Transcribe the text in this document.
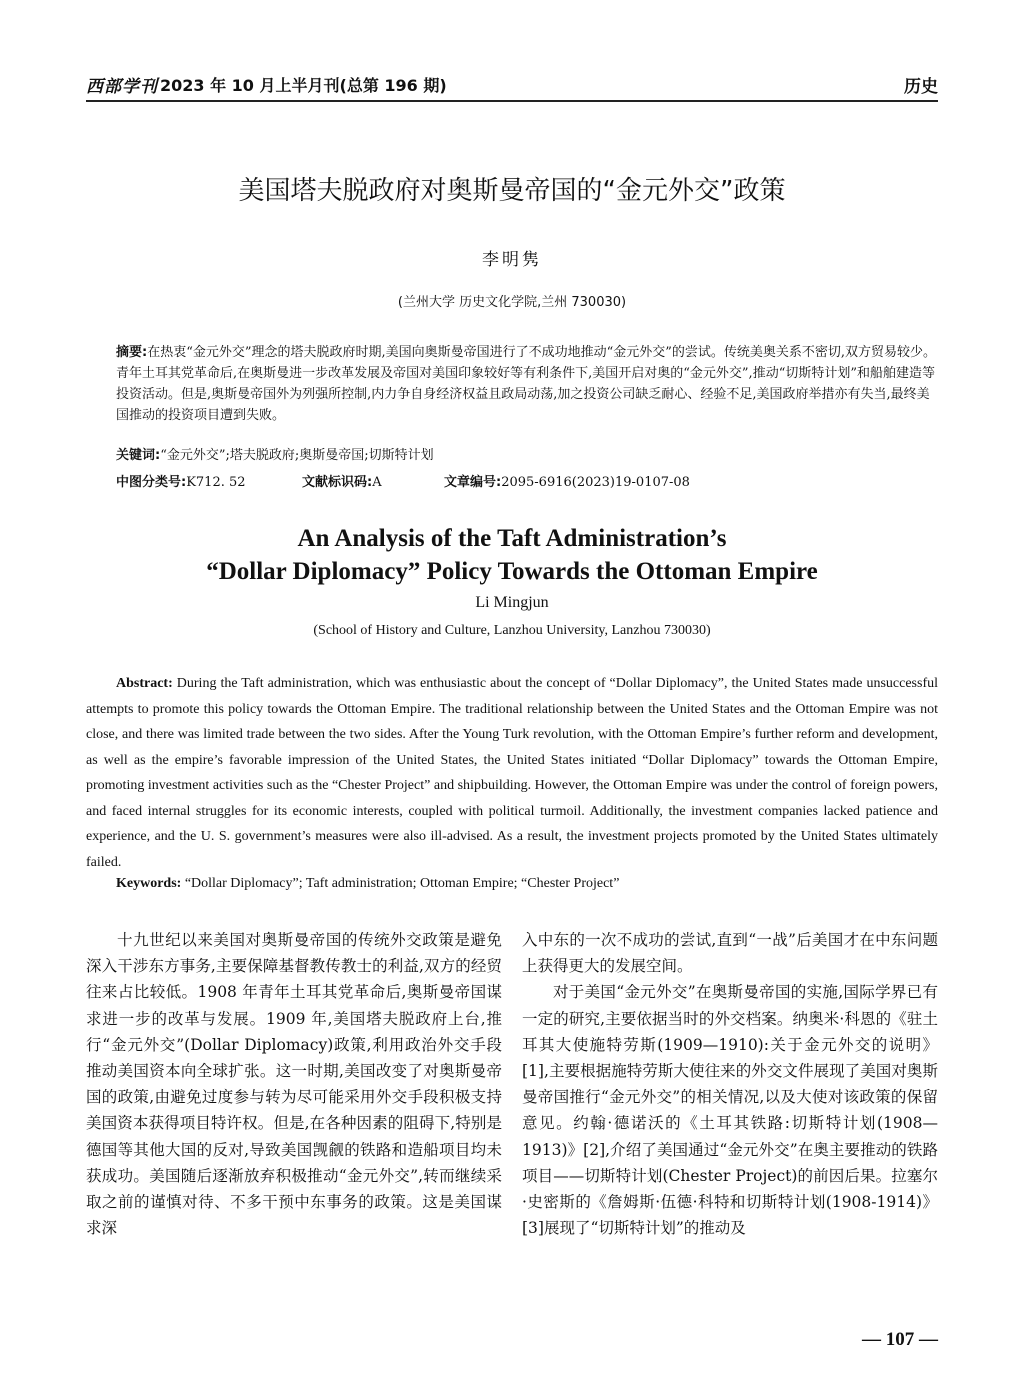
西部学刊 2023 年 10 月上半月刊(总第 196 期)	历史
美国塔夫脱政府对奥斯曼帝国的“金元外交”政策
李明隽
(兰州大学 历史文化学院,兰州 730030)
摘要:在热衷“金元外交”理念的塔夫脱政府时期,美国向奥斯曼帝国进行了不成功地推动“金元外交”的尝试。传统美奥关系不密切,双方贸易较少。青年土耳其党革命后,在奥斯曼进一步改革发展及帝国对美国印象较好等有利条件下,美国开启对奥的“金元外交”,推动“切斯特计划”和船舶建造等投资活动。但是,奥斯曼帝国外为列强所控制,内力争自身经济权益且政局动荡,加之投资公司缺乏耐心、经验不足,美国政府举措亦有失当,最终美国推动的投资项目遭到失败。
关键词:“金元外交”;塔夫脱政府;奥斯曼帝国;切斯特计划
中图分类号:K712. 52	文献标识码:A	文章编号:2095-6916(2023)19-0107-08
An Analysis of the Taft Administration’s
“Dollar Diplomacy” Policy Towards the Ottoman Empire
Li Mingjun
(School of History and Culture, Lanzhou University, Lanzhou 730030)
Abstract: During the Taft administration, which was enthusiastic about the concept of “Dollar Diplomacy”, the United States made unsuccessful attempts to promote this policy towards the Ottoman Empire. The traditional relationship between the United States and the Ottoman Empire was not close, and there was limited trade between the two sides. After the Young Turk revolution, with the Ottoman Empire’s further reform and development, as well as the empire’s favorable impression of the United States, the United States initiated “Dollar Diplomacy” towards the Ottoman Empire, promoting investment activities such as the “Chester Project” and shipbuilding. However, the Ottoman Empire was under the control of foreign powers, and faced internal struggles for its economic interests, coupled with political turmoil. Additionally, the investment companies lacked patience and experience, and the U. S. government’s measures were also ill-advised. As a result, the investment projects promoted by the United States ultimately failed.
Keywords: “Dollar Diplomacy”; Taft administration; Ottoman Empire; “Chester Project”

十九世纪以来美国对奥斯曼帝国的传统外交政策是避免深入干涉东方事务,主要保障基督教传教士的利益,双方的经贸往来占比较低。1908 年青年土耳其党革命后,奥斯曼帝国谋求进一步的改革与发展。1909 年,美国塔夫脱政府上台,推行“金元外交”(Dollar Diplomacy)政策,利用政治外交手段推动美国资本向全球扩张。这一时期,美国改变了对奥斯曼帝国的政策,由避免过度参与转为尽可能采用外交手段积极支持美国资本获得项目特许权。但是,在各种因素的阻碍下,特别是德国等其他大国的反对,导致美国觊觎的铁路和造船项目均未获成功。美国随后逐渐放弃积极推动“金元外交”,转而继续采取之前的谨慎对待、不多干预中东事务的政策。这是美国谋求深

入中东的一次不成功的尝试,直到“一战”后美国才在中东问题上获得更大的发展空间。

对于美国“金元外交”在奥斯曼帝国的实施,国际学界已有一定的研究,主要依据当时的外交档案。纳奥米·科恩的《驻土耳其大使施特劳斯(1909—1910):关于金元外交的说明》[1],主要根据施特劳斯大使往来的外交文件展现了美国对奥斯曼帝国推行“金元外交”的相关情况,以及大使对该政策的保留意见。约翰·德诺沃的《土耳其铁路:切斯特计划(1908—1913)》[2],介绍了美国通过“金元外交”在奥主要推动的铁路项目——切斯特计划(Chester Project)的前因后果。拉塞尔·史密斯的《詹姆斯·伍德·科特和切斯特计划(1908-1914)》[3]展现了“切斯特计划”的推动及

— 107 —
